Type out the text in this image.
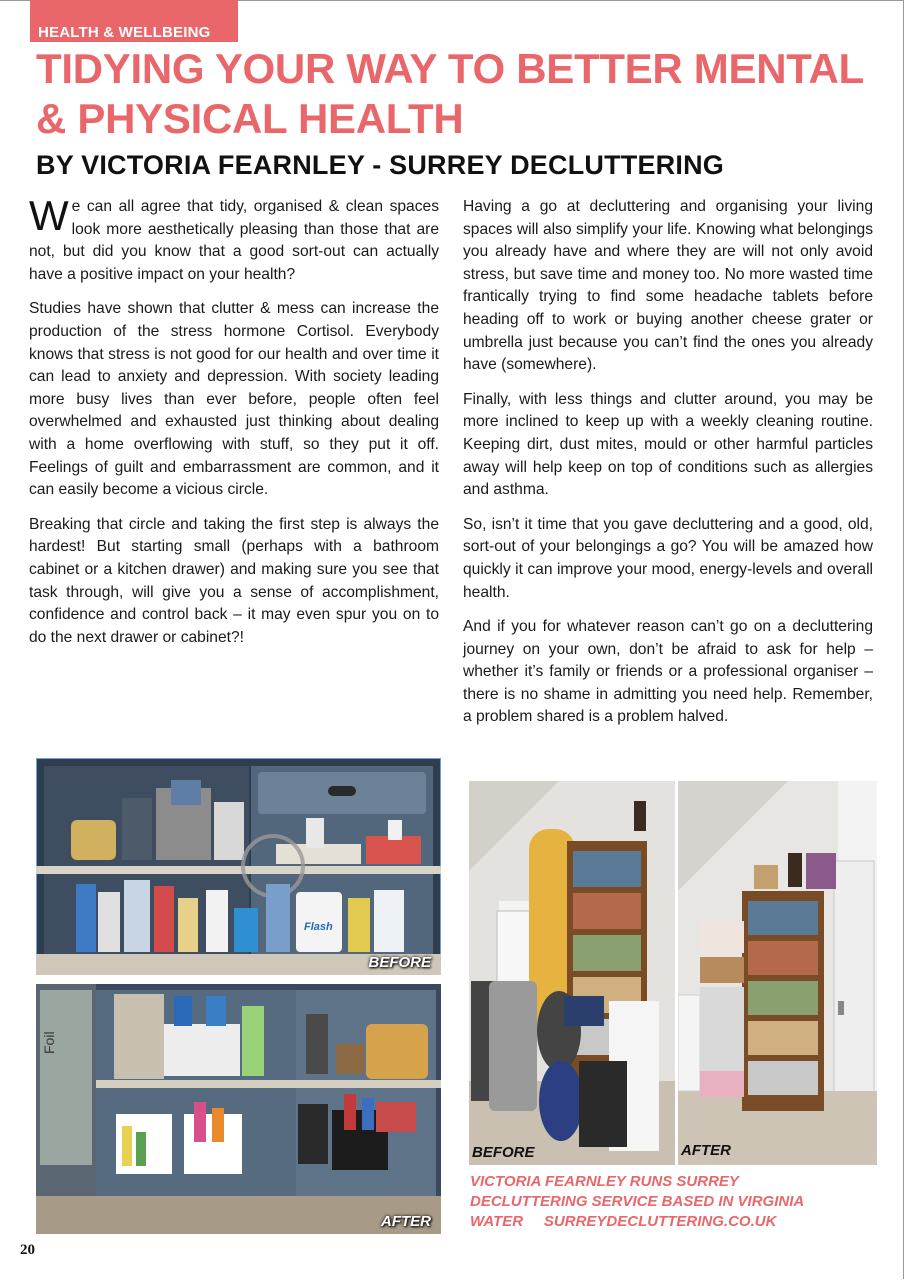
HEALTH & WELLBEING
TIDYING YOUR WAY TO BETTER MENTAL & PHYSICAL HEALTH
BY VICTORIA FEARNLEY - SURREY DECLUTTERING

We can all agree that tidy, organised & clean spaces look more aesthetically pleasing than those that are not, but did you know that a good sort-out can actually have a positive impact on your health?

Studies have shown that clutter & mess can increase the production of the stress hormone Cortisol. Everybody knows that stress is not good for our health and over time it can lead to anxiety and depression. With society leading more busy lives than ever before, people often feel overwhelmed and exhausted just thinking about dealing with a home overflowing with stuff, so they put it off. Feelings of guilt and embarrassment are common, and it can easily become a vicious circle.

Breaking that circle and taking the first step is always the hardest! But starting small (perhaps with a bathroom cabinet or a kitchen drawer) and making sure you see that task through, will give you a sense of accomplishment, confidence and control back – it may even spur you on to do the next drawer or cabinet?!

Having a go at decluttering and organising your living spaces will also simplify your life. Knowing what belongings you already have and where they are will not only avoid stress, but save time and money too. No more wasted time frantically trying to find some headache tablets before heading off to work or buying another cheese grater or umbrella just because you can’t find the ones you already have (somewhere).

Finally, with less things and clutter around, you may be more inclined to keep up with a weekly cleaning routine. Keeping dirt, dust mites, mould or other harmful particles away will help keep on top of conditions such as allergies and asthma.

So, isn’t it time that you gave decluttering and a good, old, sort-out of your belongings a go? You will be amazed how quickly it can improve your mood, energy-levels and overall health.

And if you for whatever reason can’t go on a decluttering journey on your own, don’t be afraid to ask for help – whether it’s family or friends or a professional organiser – there is no shame in admitting you need help. Remember, a problem shared is a problem halved.

Flash
BEFORE
Foil
AFTER
BEFORE	AFTER

VICTORIA FEARNLEY RUNS SURREY
DECLUTTERING SERVICE BASED IN VIRGINIA
WATER SURREYDECLUTTERING.CO.UK

20
